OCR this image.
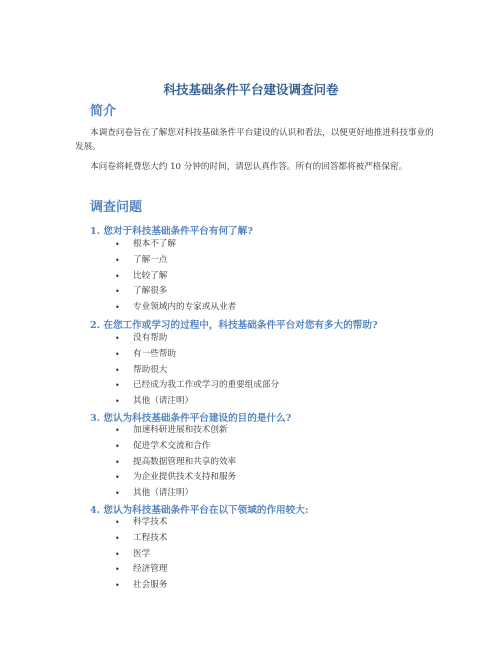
科技基础条件平台建设调查问卷
简介

本调查问卷旨在了解您对科技基础条件平台建设的认识和看法，以便更好地推进科技事业的发展。

本问卷将耗费您大约 10 分钟的时间，请您认真作答。所有的回答都将被严格保密。

调查问题
1. 您对于科技基础条件平台有何了解?
• 根本不了解
• 了解一点
• 比较了解
• 了解很多
• 专业领域内的专家或从业者
2. 在您工作或学习的过程中，科技基础条件平台对您有多大的帮助?
• 没有帮助
• 有一些帮助
• 帮助很大
• 已经成为我工作或学习的重要组成部分
• 其他（请注明）
3. 您认为科技基础条件平台建设的目的是什么?
• 加速科研进展和技术创新
• 促进学术交流和合作
• 提高数据管理和共享的效率
• 为企业提供技术支持和服务
• 其他（请注明）
4. 您认为科技基础条件平台在以下领域的作用较大:
• 科学技术
• 工程技术
• 医学
• 经济管理
• 社会服务
